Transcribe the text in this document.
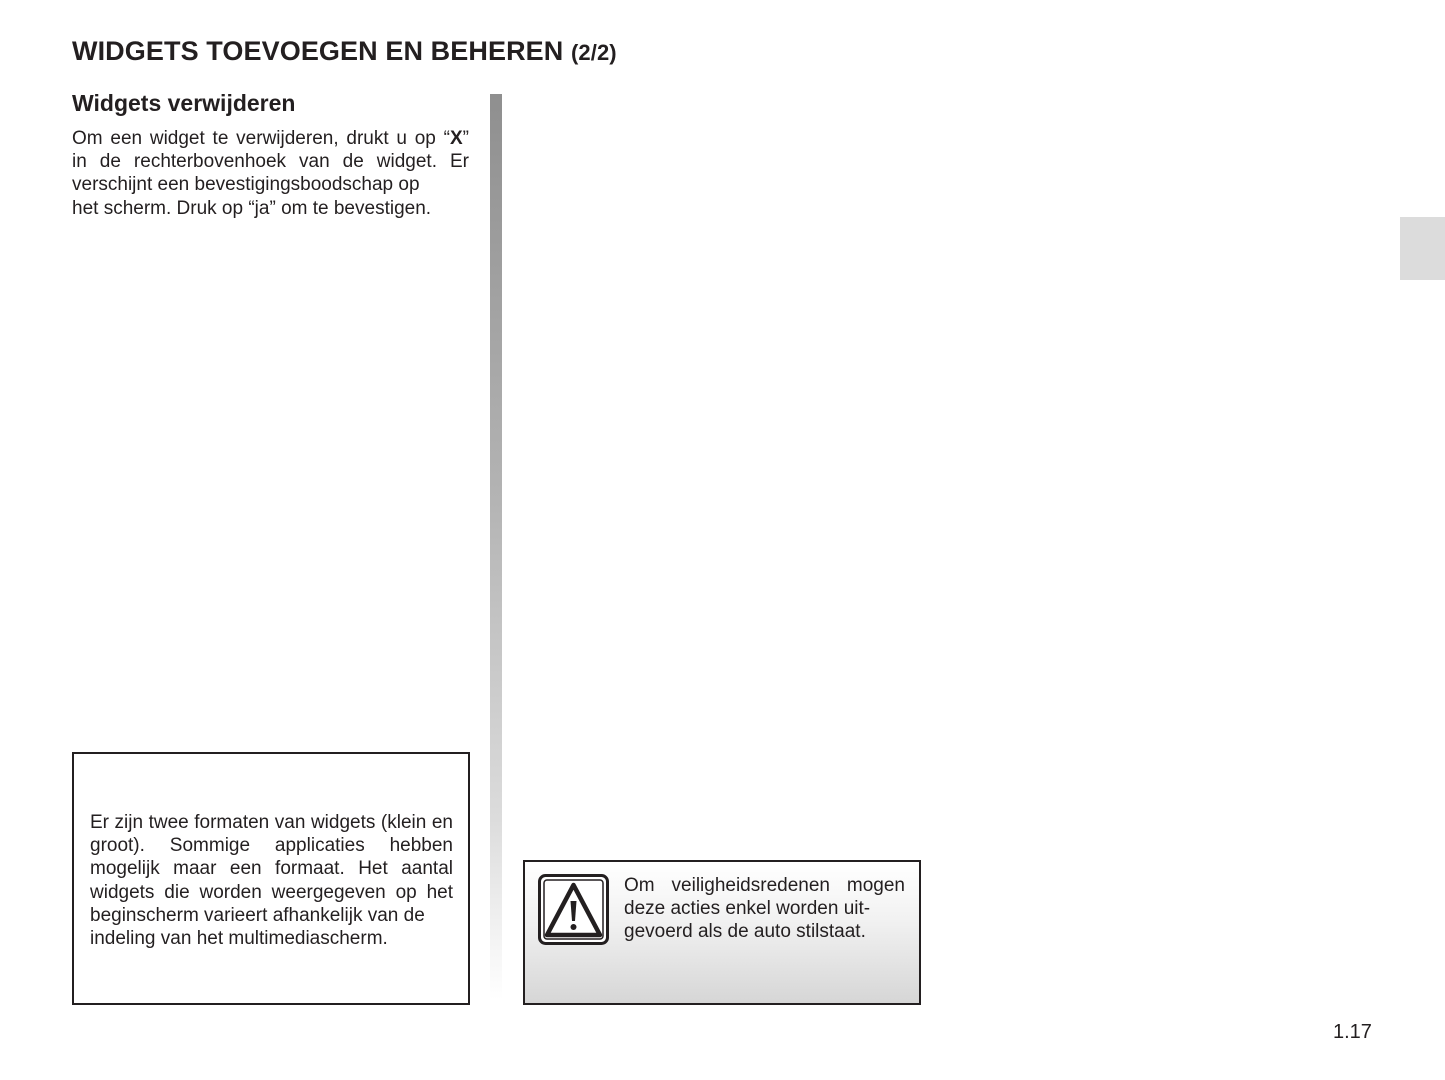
WIDGETS TOEVOEGEN EN BEHEREN (2/2)
Widgets verwijderen
Om een widget te verwijderen, drukt u op “X” in de rechterbovenhoek van de widget. Er verschijnt een bevestigingsboodschap op
het scherm. Druk op “ja” om te bevestigen.
Er zijn twee formaten van widgets (klein en groot). Sommige applicaties hebben mogelijk maar een formaat. Het aantal widgets die worden weergegeven op het beginscherm varieert afhankelijk van de
indeling van het multimediascherm.
Om veiligheidsredenen mogen deze acties enkel worden uit-
gevoerd als de auto stilstaat.
1.17
